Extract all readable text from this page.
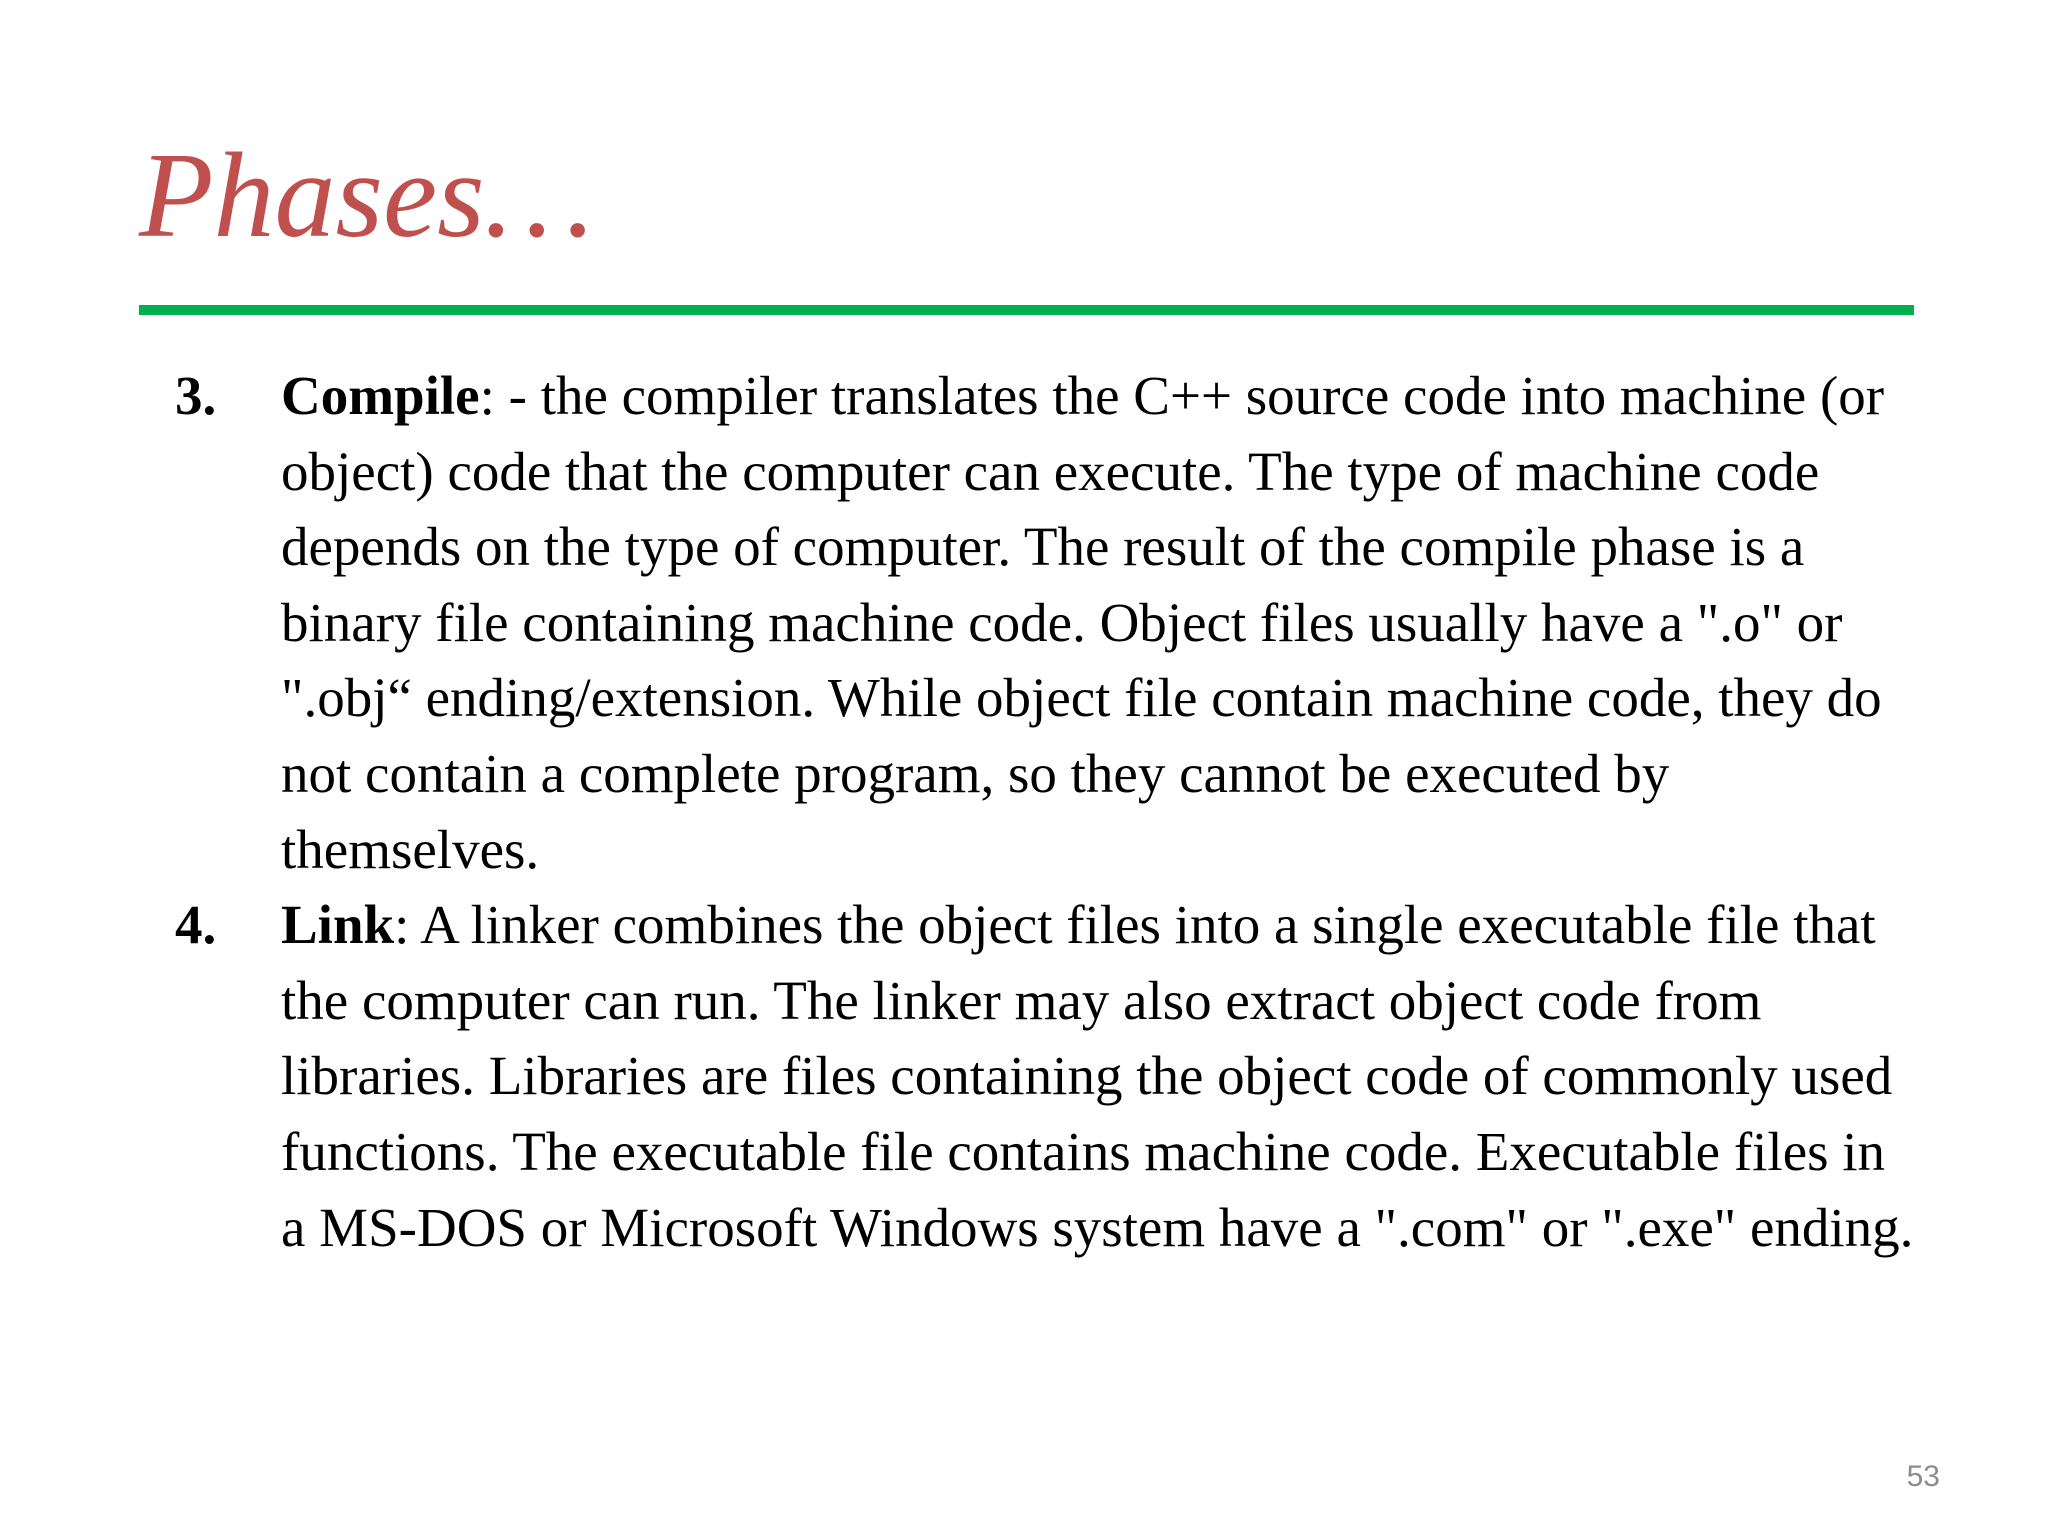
Phases…
3. Compile: - the compiler translates the C++ source code into machine (or object) code that the computer can execute. The type of machine code depends on the type of computer. The result of the compile phase is a binary file containing machine code. Object files usually have a ".o" or ".obj“ ending/extension. While object file contain machine code, they do not contain a complete program, so they cannot be executed by themselves.
4. Link: A linker combines the object files into a single executable file that the computer can run. The linker may also extract object code from libraries. Libraries are files containing the object code of commonly used functions. The executable file contains machine code. Executable files in a MS-DOS or Microsoft Windows system have a ".com" or ".exe" ending.
53
